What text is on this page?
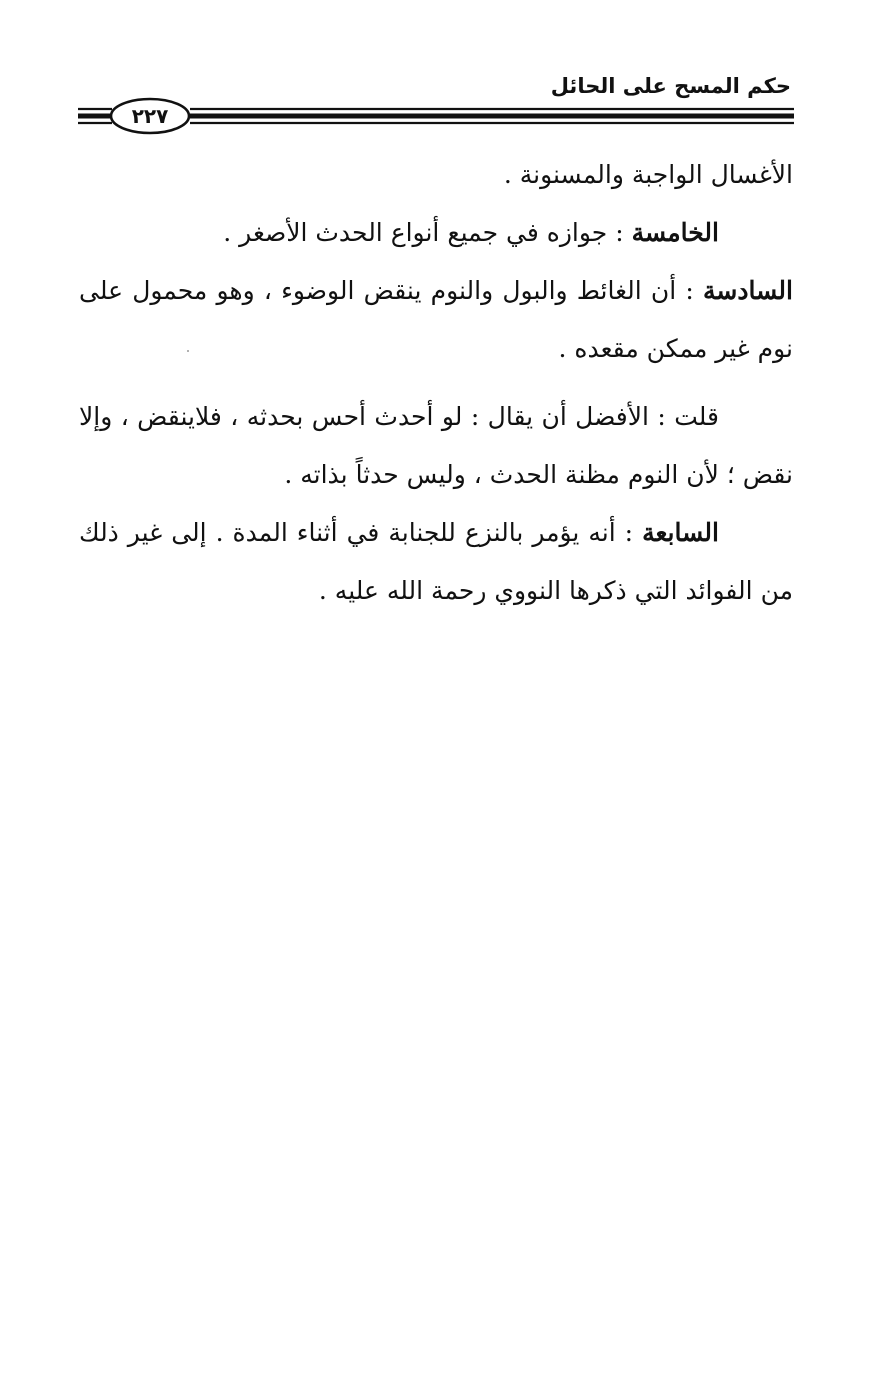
حكم المسح على الحائل
٢٢٧

الأغسال الواجبة والمسنونة .

الخامسة : جوازه في جميع أنواع الحدث الأصغر .

السادسة : أن الغائط والبول والنوم ينقض الوضوء ، وهو محمول على نوم غير ممكن مقعده .

قلت : الأفضل أن يقال : لو أحدث أحس بحدثه ، فلاينقض ، وإلا نقض ؛ لأن النوم مظنة الحدث ، وليس حدثاً بذاته .

السابعة : أنه يؤمر بالنزع للجنابة في أثناء المدة . إلى غير ذلك من الفوائد التي ذكرها النووي رحمة الله عليه .
